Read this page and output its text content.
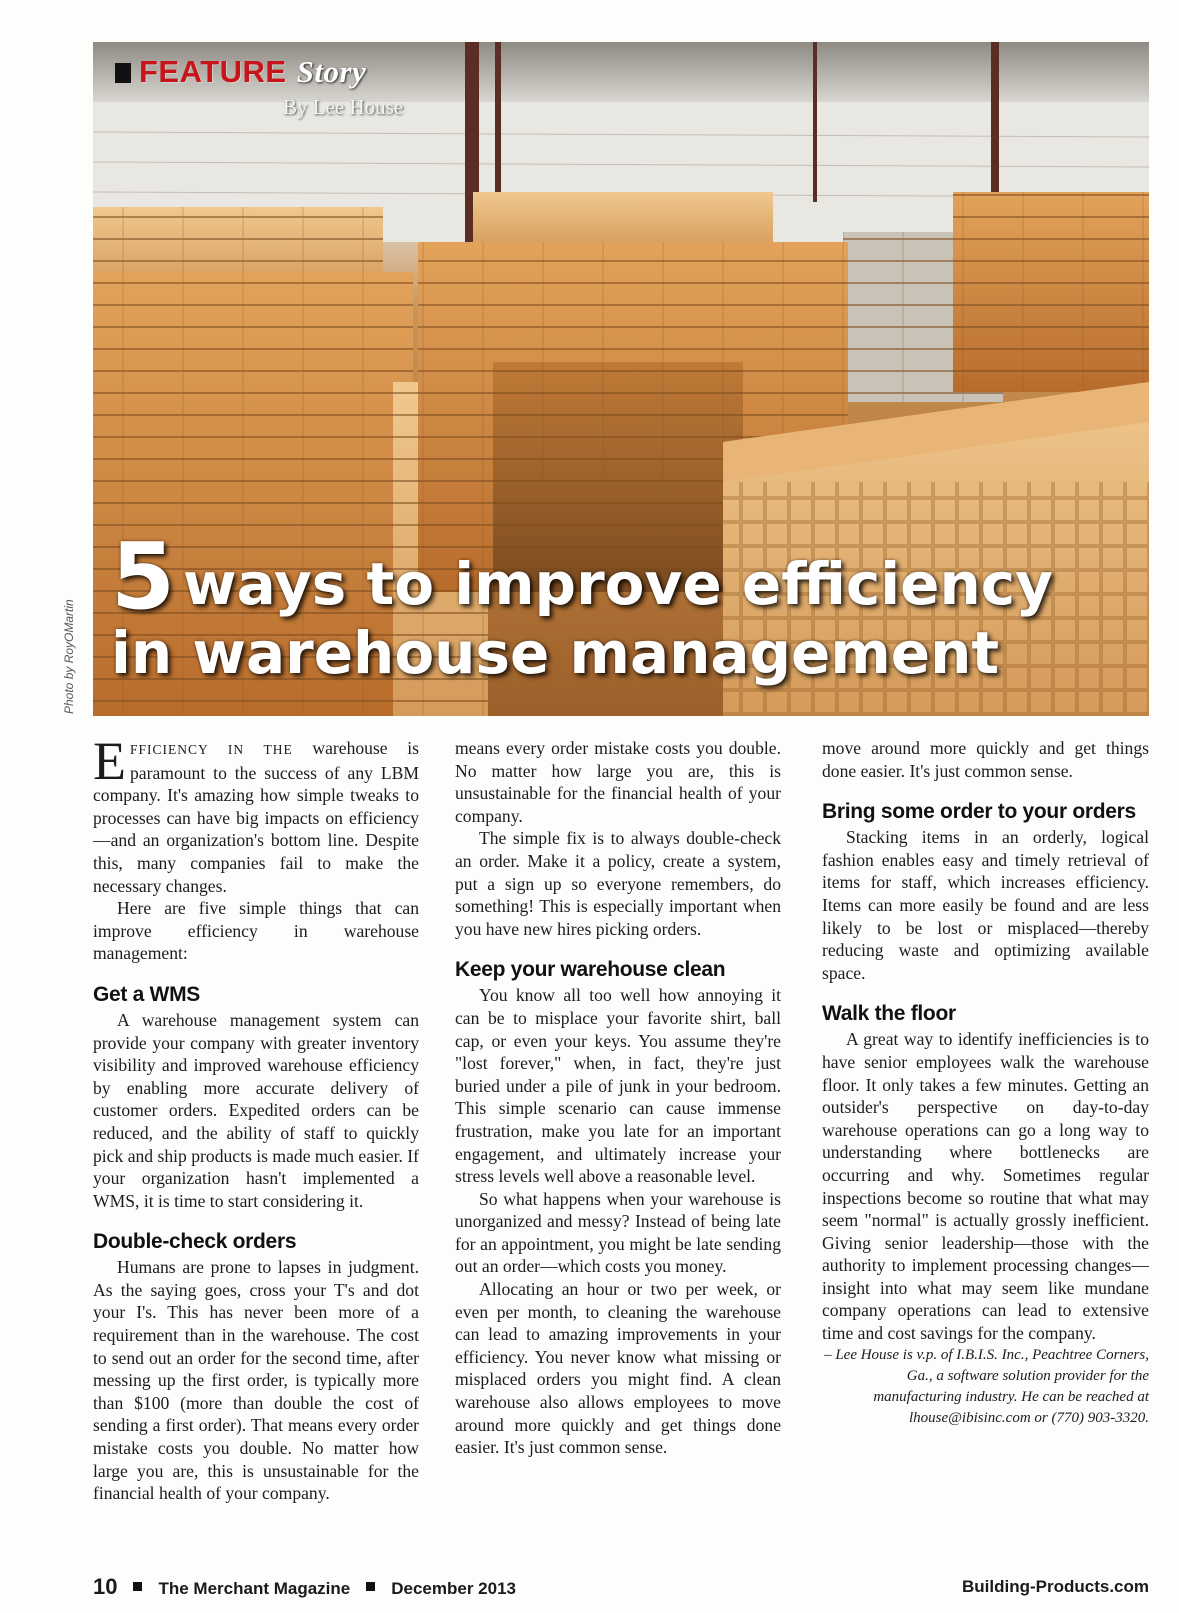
FEATURE Story
By Lee House
5 ways to improve efficiency
in warehouse management
Photo by RoyOMartin

EFFICIENCY IN THE warehouse is paramount to the success of any LBM company. It's amazing how simple tweaks to processes can have big impacts on efficiency—and an organization's bottom line. Despite this, many companies fail to make the necessary changes.

Here are five simple things that can improve efficiency in warehouse management:

Get a WMS

A warehouse management system can provide your company with greater inventory visibility and improved warehouse efficiency by enabling more accurate delivery of customer orders. Expedited orders can be reduced, and the ability of staff to quickly pick and ship products is made much easier. If your organization hasn't implemented a WMS, it is time to start considering it.

Double-check orders

Humans are prone to lapses in judgment. As the saying goes, cross your T's and dot your I's. This has never been more of a requirement than in the warehouse. The cost to send out an order for the second time, after messing up the first order, is typically more than $100 (more than double the cost of sending a first order). That means every order mistake costs you double. No matter how large you are, this is unsustainable for the financial health of your company.

means every order mistake costs you double. No matter how large you are, this is unsustainable for the financial health of your company.

The simple fix is to always double-check an order. Make it a policy, create a system, put a sign up so everyone remembers, do something! This is especially important when you have new hires picking orders.

Keep your warehouse clean

You know all too well how annoying it can be to misplace your favorite shirt, ball cap, or even your keys. You assume they're "lost forever," when, in fact, they're just buried under a pile of junk in your bedroom. This simple scenario can cause immense frustration, make you late for an important engagement, and ultimately increase your stress levels well above a reasonable level.

So what happens when your warehouse is unorganized and messy? Instead of being late for an appointment, you might be late sending out an order—which costs you money.

Allocating an hour or two per week, or even per month, to cleaning the warehouse can lead to amazing improvements in your efficiency. You never know what missing or misplaced orders you might find. A clean warehouse also allows employees to move around more quickly and get things done easier. It's just common sense.

move around more quickly and get things done easier. It's just common sense.

Bring some order to your orders

Stacking items in an orderly, logical fashion enables easy and timely retrieval of items for staff, which increases efficiency. Items can more easily be found and are less likely to be lost or misplaced—thereby reducing waste and optimizing available space.

Walk the floor

A great way to identify inefficiencies is to have senior employees walk the warehouse floor. It only takes a few minutes. Getting an outsider's perspective on day-to-day warehouse operations can go a long way to understanding where bottlenecks are occurring and why. Sometimes regular inspections become so routine that what may seem "normal" is actually grossly inefficient. Giving senior leadership—those with the authority to implement processing changes—insight into what may seem like mundane company operations can lead to extensive time and cost savings for the company.

– Lee House is v.p. of I.B.I.S. Inc., Peachtree Corners, Ga., a software solution provider for the manufacturing industry. He can be reached at lhouse@ibisinc.com or (770) 903-3320.

10 The Merchant Magazine December 2013	Building-Products.com
